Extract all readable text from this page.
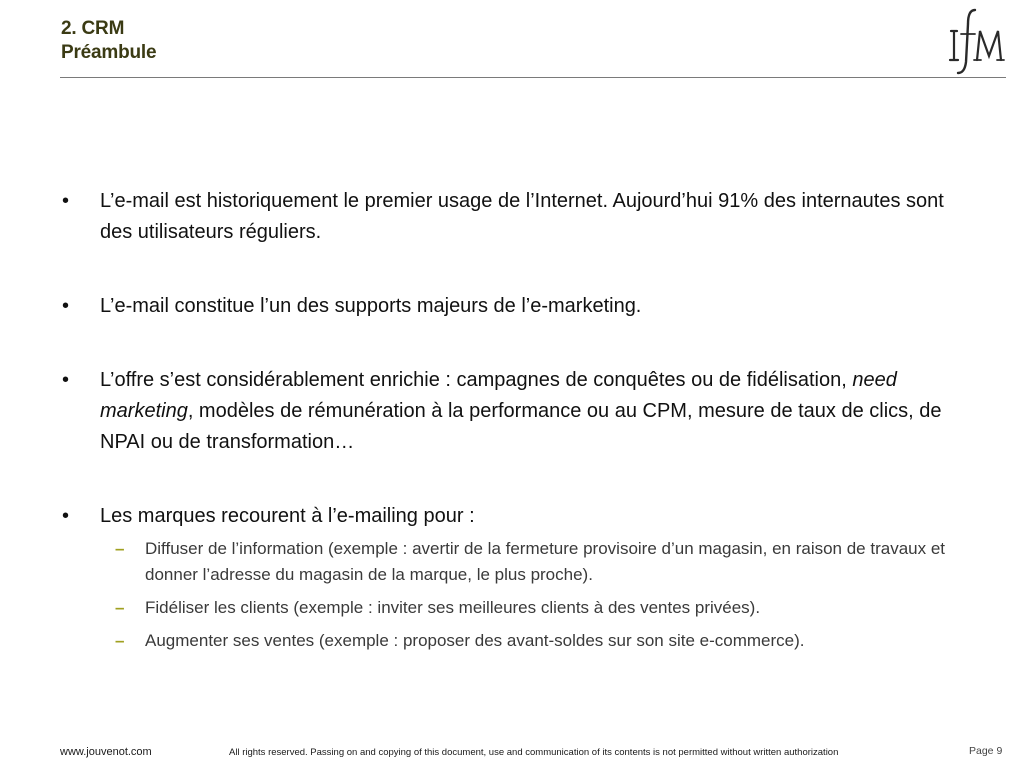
2. CRM
Préambule
•	L’e-mail est historiquement le premier usage de l’Internet. Aujourd’hui 91% des internautes sont des utilisateurs réguliers.
•	L’e-mail constitue l’un des supports majeurs de l’e-marketing.
•	L’offre s’est considérablement enrichie : campagnes de conquêtes ou de fidélisation, need marketing, modèles de rémunération à la performance ou au CPM, mesure de taux de clics, de NPAI ou de transformation…
•	Les marques recourent à l’e-mailing pour :
– Diffuser de l’information (exemple : avertir de la fermeture provisoire d’un magasin, en raison de travaux et donner l’adresse du magasin de la marque, le plus proche).
– Fidéliser les clients (exemple : inviter ses meilleures clients à des ventes privées).
– Augmenter ses ventes (exemple : proposer des avant-soldes sur son site e-commerce).
www.jouvenot.com	All rights reserved. Passing on and copying of this document, use and communication of its contents is not permitted without written authorization	Page 9
